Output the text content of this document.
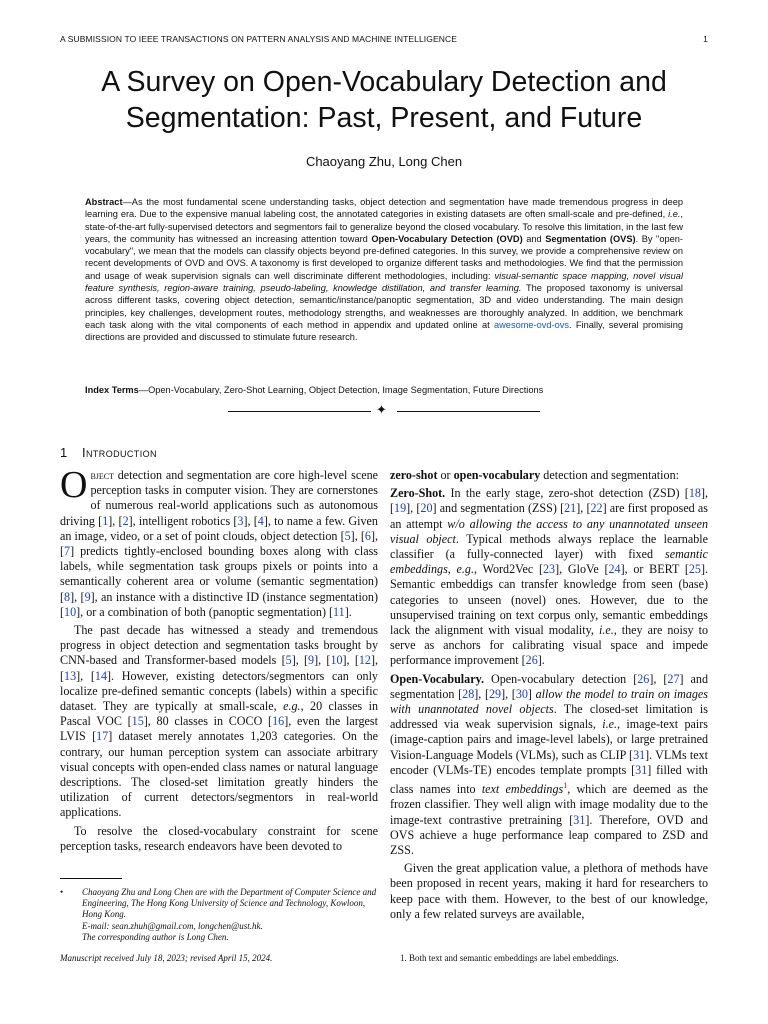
A SUBMISSION TO IEEE TRANSACTIONS ON PATTERN ANALYSIS AND MACHINE INTELLIGENCE	1
A Survey on Open-Vocabulary Detection and Segmentation: Past, Present, and Future
Chaoyang Zhu, Long Chen
Abstract—As the most fundamental scene understanding tasks, object detection and segmentation have made tremendous progress in deep learning era. Due to the expensive manual labeling cost, the annotated categories in existing datasets are often small-scale and pre-defined, i.e., state-of-the-art fully-supervised detectors and segmentors fail to generalize beyond the closed vocabulary. To resolve this limitation, in the last few years, the community has witnessed an increasing attention toward Open-Vocabulary Detection (OVD) and Segmentation (OVS). By "open-vocabulary", we mean that the models can classify objects beyond pre-defined categories. In this survey, we provide a comprehensive review on recent developments of OVD and OVS. A taxonomy is first developed to organize different tasks and methodologies. We find that the permission and usage of weak supervision signals can well discriminate different methodologies, including: visual-semantic space mapping, novel visual feature synthesis, region-aware training, pseudo-labeling, knowledge distillation, and transfer learning. The proposed taxonomy is universal across different tasks, covering object detection, semantic/instance/panoptic segmentation, 3D and video understanding. The main design principles, key challenges, development routes, methodology strengths, and weaknesses are thoroughly analyzed. In addition, we benchmark each task along with the vital components of each method in appendix and updated online at awesome-ovd-ovs. Finally, several promising directions are provided and discussed to stimulate future research.
Index Terms—Open-Vocabulary, Zero-Shot Learning, Object Detection, Image Segmentation, Future Directions
✦
1 Introduction

Object detection and segmentation are core high-level scene perception tasks in computer vision. They are cornerstones of numerous real-world applications such as autonomous driving [1], [2], intelligent robotics [3], [4], to name a few. Given an image, video, or a set of point clouds, object detection [5], [6], [7] predicts tightly-enclosed bounding boxes along with class labels, while segmentation task groups pixels or points into a semantically coherent area or volume (semantic segmentation) [8], [9], an instance with a distinctive ID (instance segmentation) [10], or a combination of both (panoptic segmentation) [11].

The past decade has witnessed a steady and tremendous progress in object detection and segmentation tasks brought by CNN-based and Transformer-based models [5], [9], [10], [12], [13], [14]. However, existing detectors/segmentors can only localize pre-defined semantic concepts (labels) within a specific dataset. They are typically at small-scale, e.g., 20 classes in Pascal VOC [15], 80 classes in COCO [16], even the largest LVIS [17] dataset merely annotates 1,203 categories. On the contrary, our human perception system can associate arbitrary visual concepts with open-ended class names or natural language descriptions. The closed-set limitation greatly hinders the utilization of current detectors/segmentors in real-world applications.

To resolve the closed-vocabulary constraint for scene perception tasks, research endeavors have been devoted to

zero-shot or open-vocabulary detection and segmentation:

Zero-Shot. In the early stage, zero-shot detection (ZSD) [18], [19], [20] and segmentation (ZSS) [21], [22] are first proposed as an attempt w/o allowing the access to any unannotated unseen visual object. Typical methods always replace the learnable classifier (a fully-connected layer) with fixed semantic embeddings, e.g., Word2Vec [23], GloVe [24], or BERT [25]. Semantic embeddigs can transfer knowledge from seen (base) categories to unseen (novel) ones. However, due to the unsupervised training on text corpus only, semantic embeddings lack the alignment with visual modality, i.e., they are noisy to serve as anchors for calibrating visual space and impede performance improvement [26].

Open-Vocabulary. Open-vocabulary detection [26], [27] and segmentation [28], [29], [30] allow the model to train on images with unannotated novel objects. The closed-set limitation is addressed via weak supervision signals, i.e., image-text pairs (image-caption pairs and image-level labels), or large pretrained Vision-Language Models (VLMs), such as CLIP [31]. VLMs text encoder (VLMs-TE) encodes template prompts [31] filled with class names into text embeddings$^1$, which are deemed as the frozen classifier. They well align with image modality due to the image-text contrastive pretraining [31]. Therefore, OVD and OVS achieve a huge performance leap compared to ZSD and ZSS.

Given the great application value, a plethora of methods have been proposed in recent years, making it hard for researchers to keep pace with them. However, to the best of our knowledge, only a few related surveys are available,

• Chaoyang Zhu and Long Chen are with the Department of Computer Science and Engineering, The Hong Kong University of Science and Technology, Kowloon, Hong Kong.
E-mail: sean.zhuh@gmail.com, longchen@ust.hk.
The corresponding author is Long Chen.
Manuscript received July 18, 2023; revised April 15, 2024.	1. Both text and semantic embeddings are label embeddings.
